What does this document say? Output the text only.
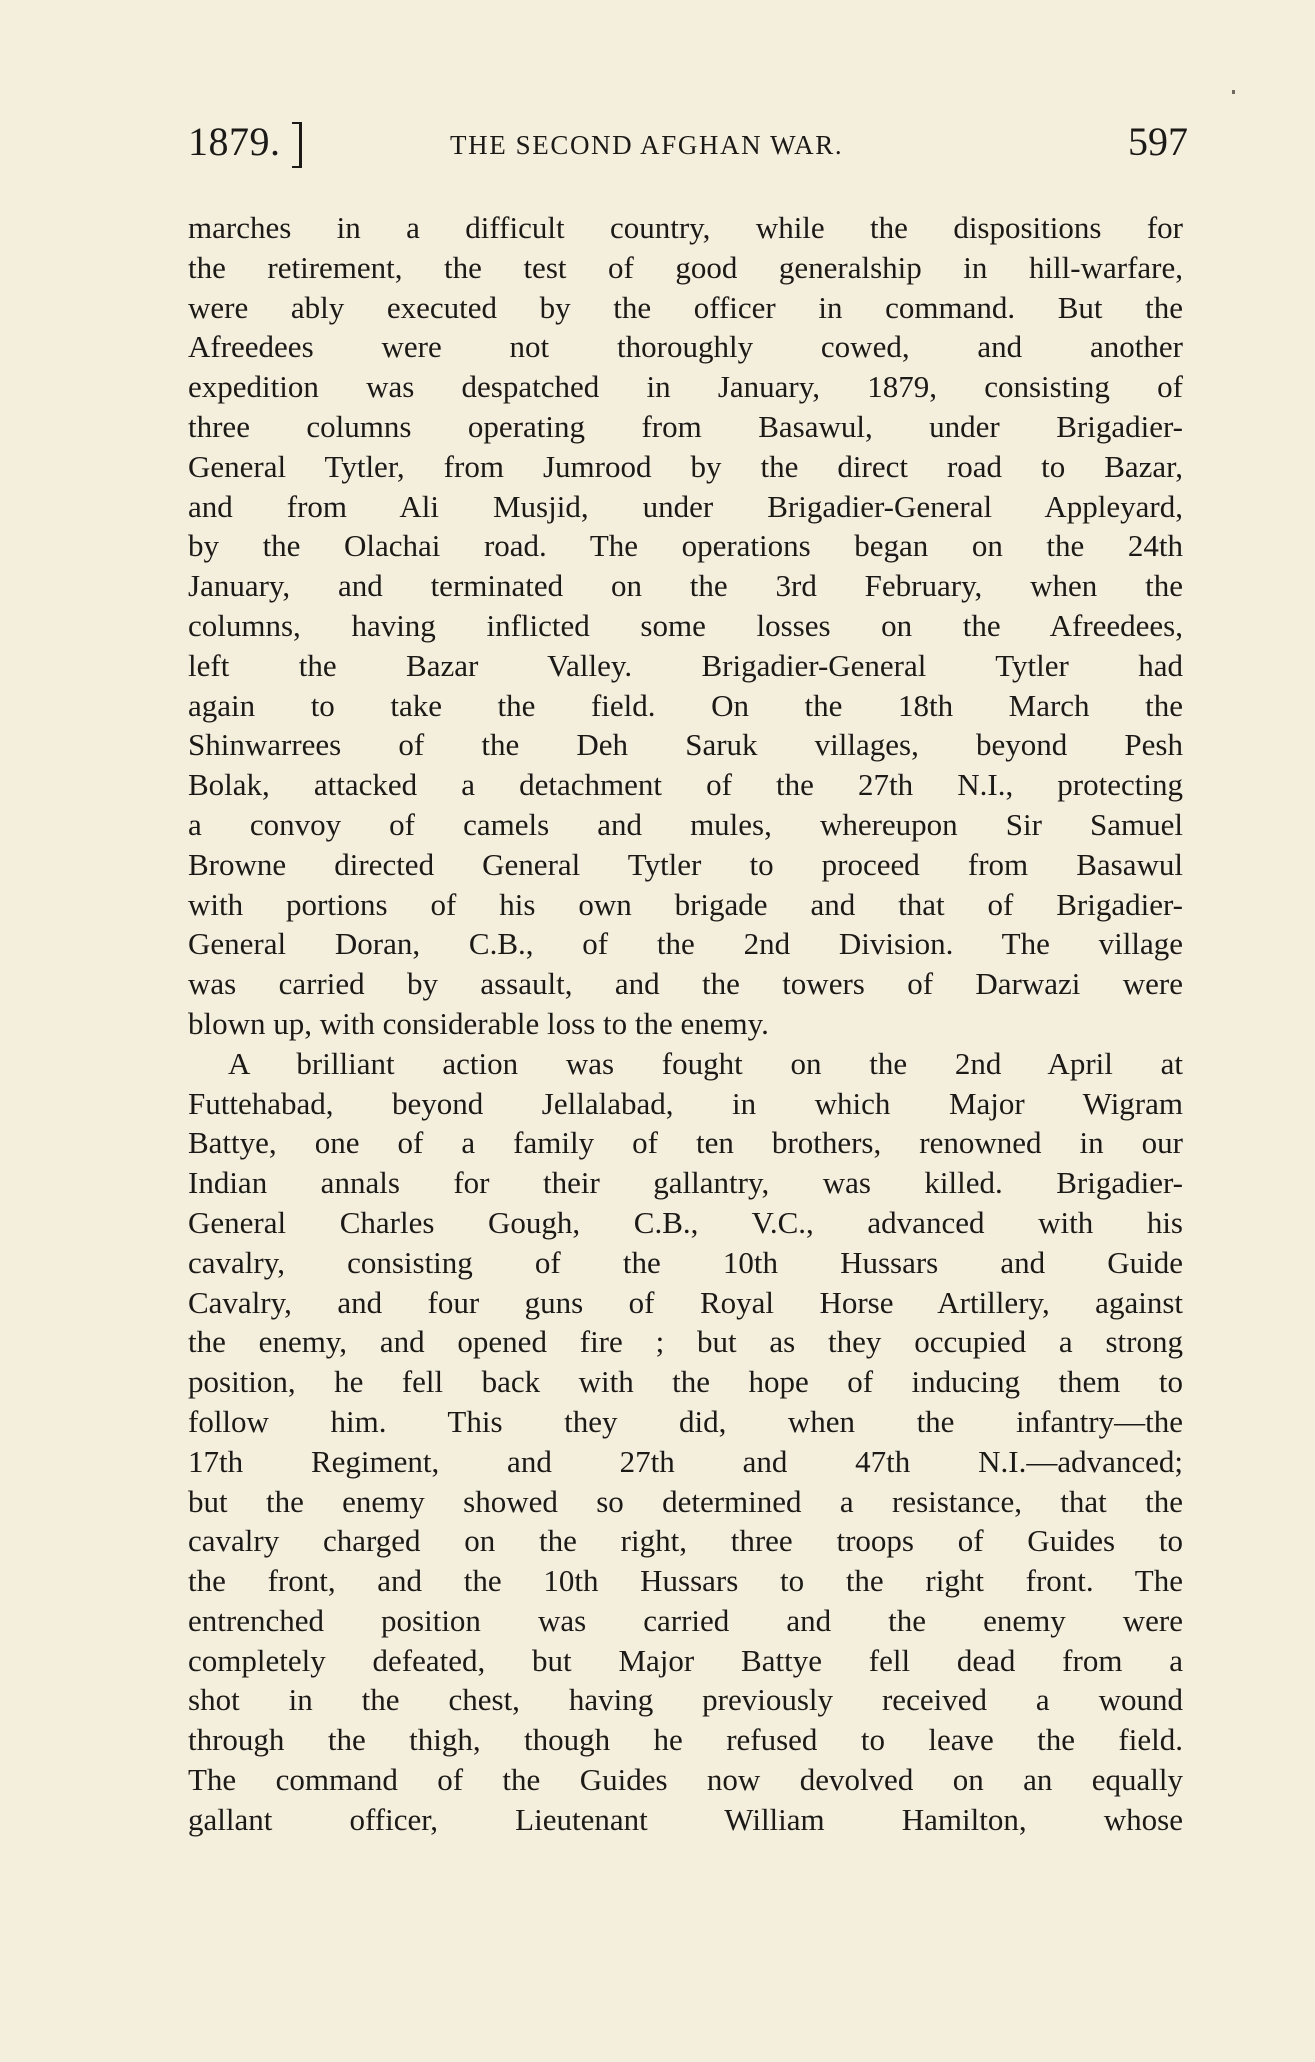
1879.	THE SECOND AFGHAN WAR.	597
marches in a difficult country, while the dispositions for
the retirement, the test of good generalship in hill-warfare,
were ably executed by the officer in command. But the
Afreedees were not thoroughly cowed, and another
expedition was despatched in January, 1879, consisting of
three columns operating from Basawul, under Brigadier-
General Tytler, from Jumrood by the direct road to Bazar,
and from Ali Musjid, under Brigadier-General Appleyard,
by the Olachai road. The operations began on the 24th
January, and terminated on the 3rd February, when the
columns, having inflicted some losses on the Afreedees,
left the Bazar Valley. Brigadier-General Tytler had
again to take the field. On the 18th March the
Shinwarrees of the Deh Saruk villages, beyond Pesh
Bolak, attacked a detachment of the 27th N.I., protecting
a convoy of camels and mules, whereupon Sir Samuel
Browne directed General Tytler to proceed from Basawul
with portions of his own brigade and that of Brigadier-
General Doran, C.B., of the 2nd Division. The village
was carried by assault, and the towers of Darwazi were
blown up, with considerable loss to the enemy.
A brilliant action was fought on the 2nd April at
Futtehabad, beyond Jellalabad, in which Major Wigram
Battye, one of a family of ten brothers, renowned in our
Indian annals for their gallantry, was killed. Brigadier-
General Charles Gough, C.B., V.C., advanced with his
cavalry, consisting of the 10th Hussars and Guide
Cavalry, and four guns of Royal Horse Artillery, against
the enemy, and opened fire ; but as they occupied a strong
position, he fell back with the hope of inducing them to
follow him. This they did, when the infantry—the
17th Regiment, and 27th and 47th N.I.—advanced;
but the enemy showed so determined a resistance, that the
cavalry charged on the right, three troops of Guides to
the front, and the 10th Hussars to the right front. The
entrenched position was carried and the enemy were
completely defeated, but Major Battye fell dead from a
shot in the chest, having previously received a wound
through the thigh, though he refused to leave the field.
The command of the Guides now devolved on an equally
gallant officer, Lieutenant William Hamilton, whose
